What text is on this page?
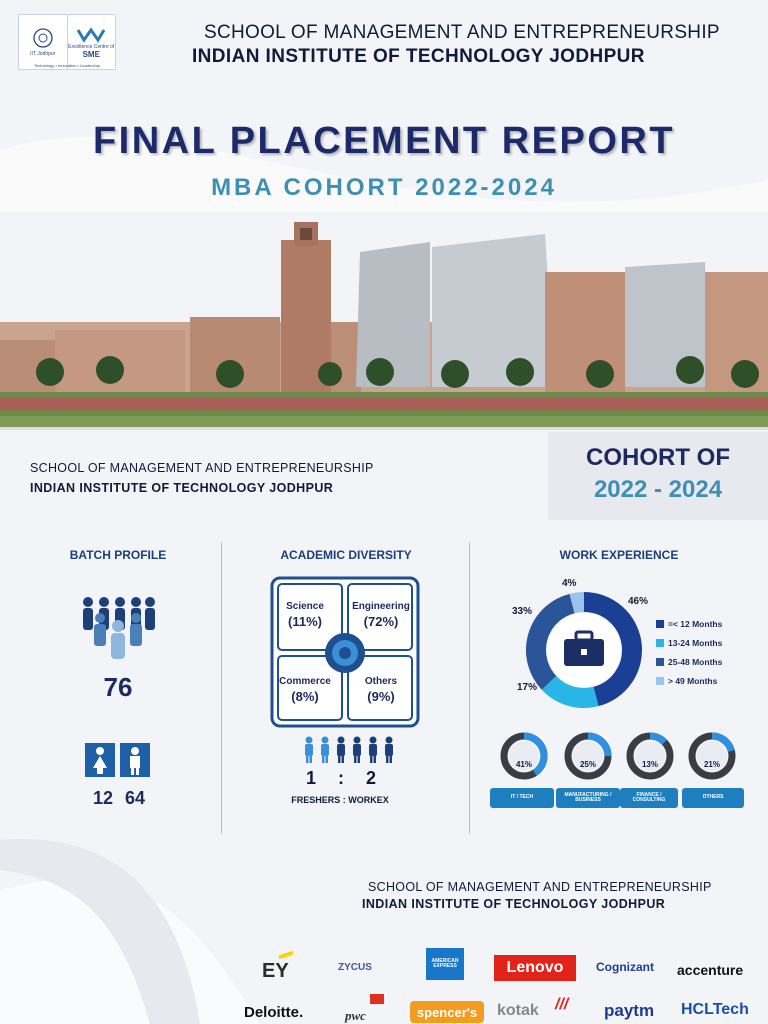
IIT Jodhpur
Excellence Centre of
SME
Technology • Innovation • Leadership
SCHOOL OF MANAGEMENT AND ENTREPRENEURSHIP
INDIAN INSTITUTE OF TECHNOLOGY JODHPUR
FINAL PLACEMENT REPORT
MBA COHORT 2022-2024
SCHOOL OF MANAGEMENT AND ENTREPRENEURSHIP
INDIAN INSTITUTE OF TECHNOLOGY JODHPUR
COHORT OF
2022 - 2024
BATCH PROFILE
76
12 64
ACADEMIC DIVERSITY
Science
(11%)
Engineering
(72%)
Commerce
(8%)
Others
(9%)
1 : 2
FRESHERS : WORKEX
WORK EXPERIENCE
46%
17%
33%
4%
=< 12 Months
13-24 Months
25-48 Months
> 49 Months
41%	25%	13%	21%
IT / TECH	MANUFACTURING / BUSINESS
FINANCE / CONSULTING	OTHERS
SCHOOL OF MANAGEMENT AND ENTREPRENEURSHIP
INDIAN INSTITUTE OF TECHNOLOGY JODHPUR
EY	ZYCUS
AMERICAN EXPRESS	Lenovo	Cognizant accenture
Deloitte.	pwc	spencer's	kotak /// paytm HCLTech
